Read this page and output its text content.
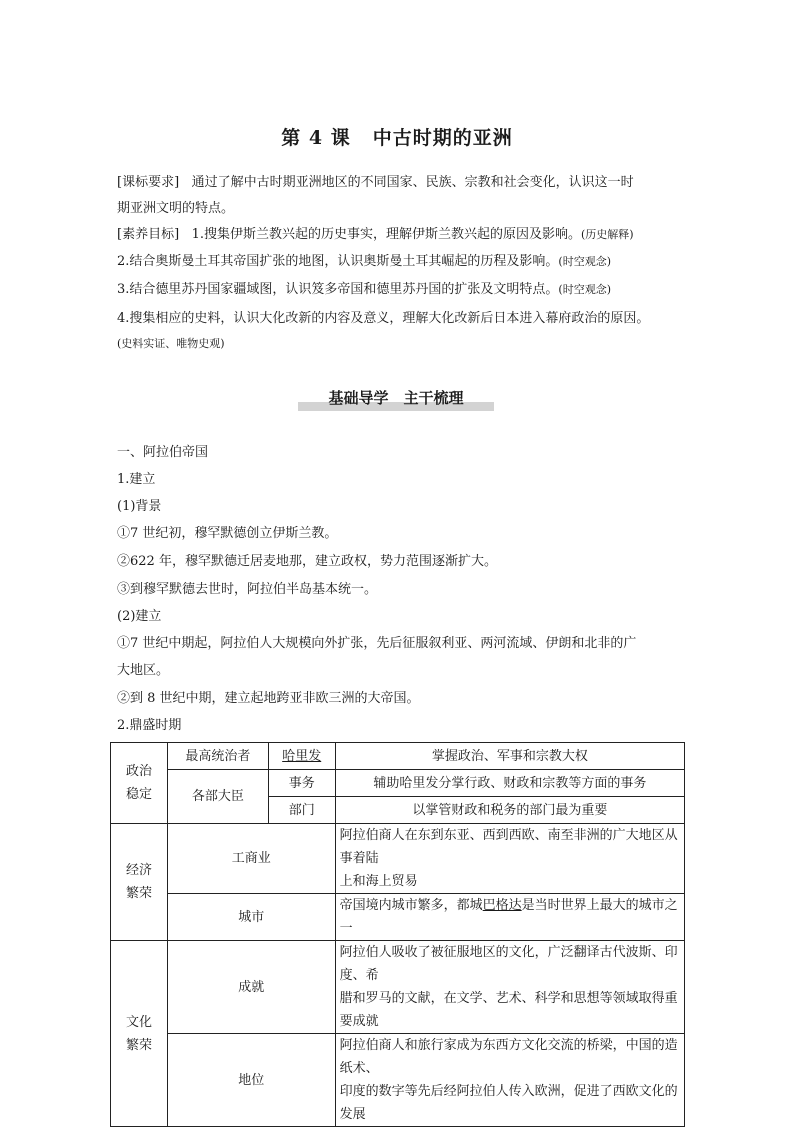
第 4 课 中古时期的亚洲
[课标要求] 通过了解中古时期亚洲地区的不同国家、民族、宗教和社会变化，认识这一时
期亚洲文明的特点。
[素养目标] 1.搜集伊斯兰教兴起的历史事实，理解伊斯兰教兴起的原因及影响。(历史解释)
2.结合奥斯曼土耳其帝国扩张的地图，认识奥斯曼土耳其崛起的历程及影响。(时空观念)
3.结合德里苏丹国家疆域图，认识笈多帝国和德里苏丹国的扩张及文明特点。(时空观念)
4.搜集相应的史料，认识大化改新的内容及意义，理解大化改新后日本进入幕府政治的原因。
(史料实证、唯物史观)
基础导学　主干梳理
一、阿拉伯帝国
1.建立
(1)背景
①7 世纪初，穆罕默德创立伊斯兰教。
②622 年，穆罕默德迁居麦地那，建立政权，势力范围逐渐扩大。
③到穆罕默德去世时，阿拉伯半岛基本统一。
(2)建立
①7 世纪中期起，阿拉伯人大规模向外扩张，先后征服叙利亚、两河流域、伊朗和北非的广
大地区。
②到 8 世纪中期，建立起地跨亚非欧三洲的大帝国。
2.鼎盛时期
政治
稳定	最高统治者	哈里发	掌握政治、军事和宗教大权
	各部大臣	事务	辅助哈里发分掌行政、财政和宗教等方面的事务
		部门	以掌管财政和税务的部门最为重要
经济
繁荣	工商业		阿拉伯商人在东到东亚、西到西欧、南至非洲的广大地区从事着陆
上和海上贸易
	城市		帝国境内城市繁多，都城巴格达是当时世界上最大的城市之一
文化
繁荣	成就		阿拉伯人吸收了被征服地区的文化，广泛翻译古代波斯、印度、希
腊和罗马的文献，在文学、艺术、科学和思想等领域取得重要成就
	地位		阿拉伯商人和旅行家成为东西方文化交流的桥梁，中国的造纸术、
印度的数字等先后经阿拉伯人传入欧洲，促进了西欧文化的发展
